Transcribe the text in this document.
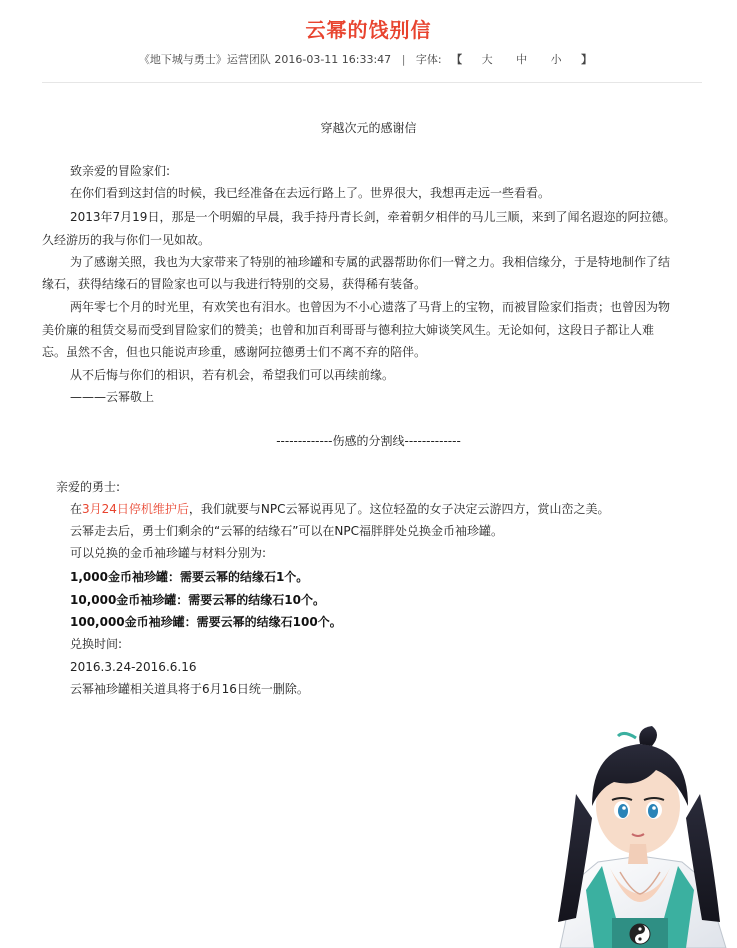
云幂的饯别信
《地下城与勇士》运营团队 2016-03-11 16:33:47 | 字体: 【 大 中 小 】
穿越次元的感谢信
致亲爱的冒险家们:
在你们看到这封信的时候，我已经准备在去远行路上了。世界很大，我想再走远一些看看。
2013年7月19日，那是一个明媚的早晨，我手持丹青长剑，牵着朝夕相伴的马儿三顺，来到了闻名遐迩的阿拉德。
久经游历的我与你们一见如故。
为了感谢关照，我也为大家带来了特别的袖珍罐和专属的武器帮助你们一臂之力。我相信缘分，于是特地制作了结
缘石，获得结缘石的冒险家也可以与我进行特别的交易，获得稀有装备。
两年零七个月的时光里，有欢笑也有泪水。也曾因为不小心遗落了马背上的宝物，而被冒险家们指责；也曾因为物
美价廉的租赁交易而受到冒险家们的赞美；也曾和加百利哥哥与德利拉大婶谈笑风生。无论如何，这段日子都让人难
忘。虽然不舍，但也只能说声珍重，感谢阿拉德勇士们不离不弃的陪伴。
从不后悔与你们的相识，若有机会，希望我们可以再续前缘。
———云幂敬上
-------------伤感的分割线-------------
亲爱的勇士:
在3月24日停机维护后，我们就要与NPC云幂说再见了。这位轻盈的女子决定云游四方，赏山峦之美。
云幂走去后，勇士们剩余的“云幂的结缘石”可以在NPC福胖胖处兑换金币袖珍罐。
可以兑换的金币袖珍罐与材料分别为:
1,000金币袖珍罐：需要云幂的结缘石1个。
10,000金币袖珍罐：需要云幂的结缘石10个。
100,000金币袖珍罐：需要云幂的结缘石100个。
兑换时间:
2016.3.24-2016.6.16
云幂袖珍罐相关道具将于6月16日统一删除。
